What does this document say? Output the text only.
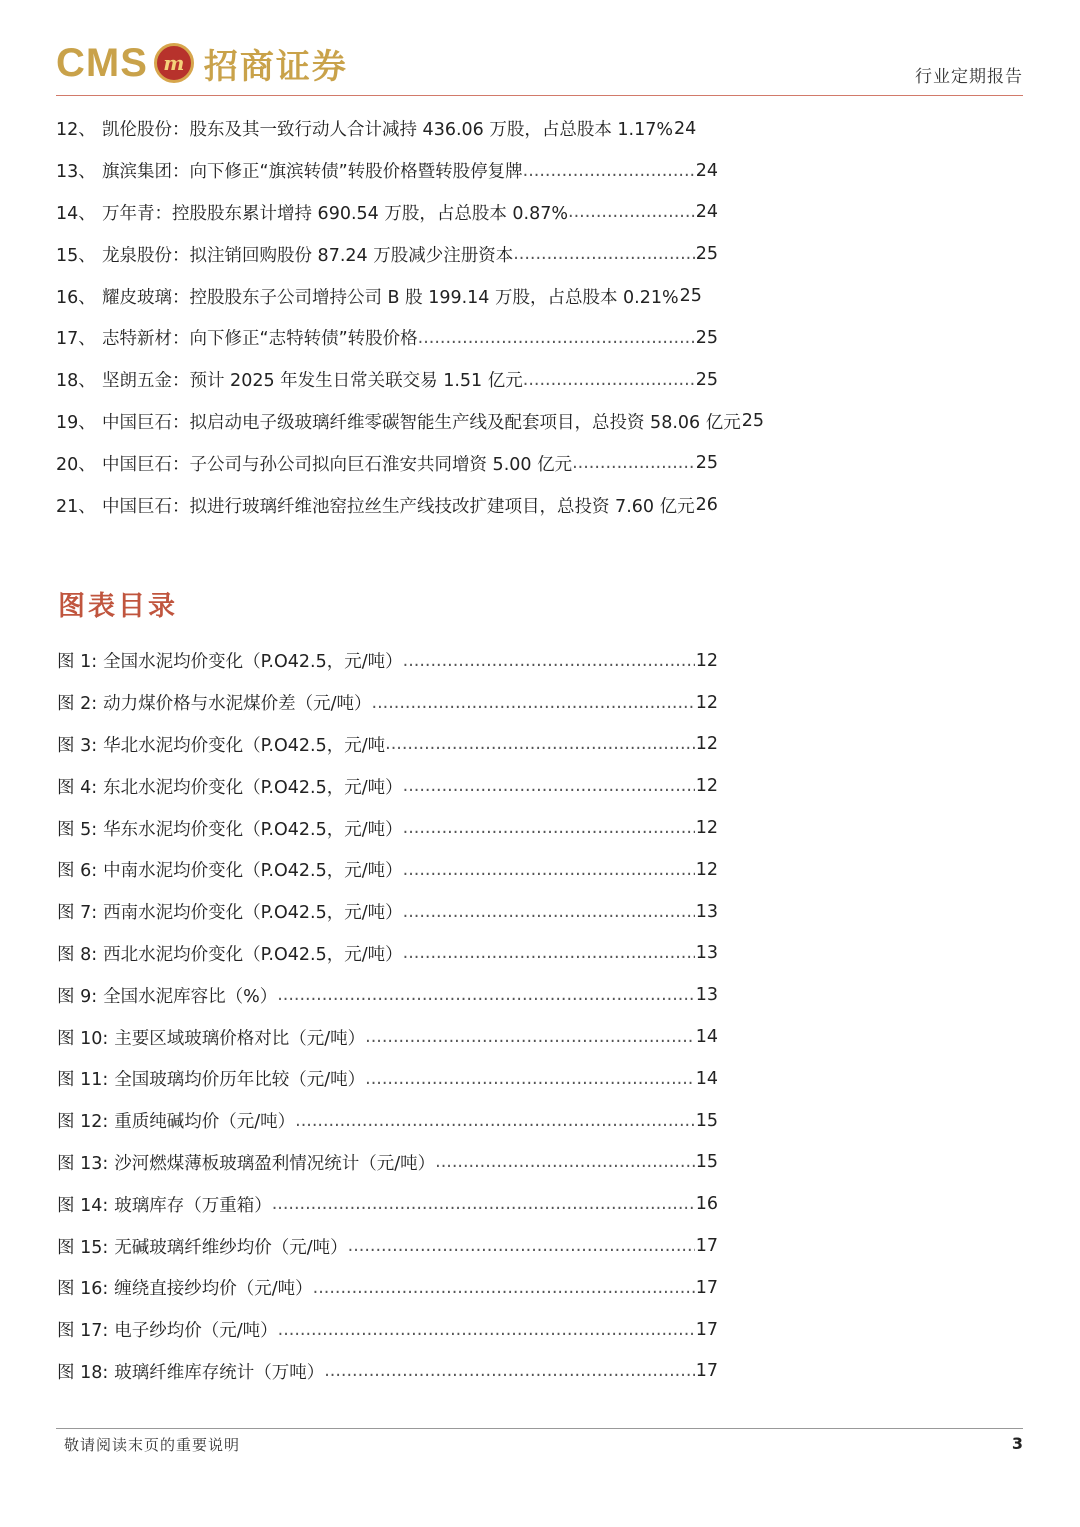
CMS m 招商证券	行业定期报告
12、 凯伦股份：股东及其一致行动人合计减持 436.06 万股，占总股本 1.17% 24
13、 旗滨集团：向下修正“旗滨转债”转股价格暨转股停复牌 .....	24
14、 万年青：控股股东累计增持 690.54 万股，占总股本 0.87% .....	24
15、 龙泉股份：拟注销回购股份 87.24 万股减少注册资本 .....	25
16、 耀皮玻璃：控股股东子公司增持公司 B 股 199.14 万股，占总股本 0.21% 25
17、 志特新材：向下修正“志特转债”转股价格 .....	25
18、 坚朗五金：预计 2025 年发生日常关联交易 1.51 亿元 .....	25
19、 中国巨石：拟启动电子级玻璃纤维零碳智能生产线及配套项目，总投资 58.06 亿元 25
20、 中国巨石：子公司与孙公司拟向巨石淮安共同增资 5.00 亿元 .....	25
21、 中国巨石：拟进行玻璃纤维池窑拉丝生产线技改扩建项目，总投资 7.60 亿元 26
图表目录
图 1: 全国水泥均价变化（P.O42.5，元/吨） .....	12
图 2: 动力煤价格与水泥煤价差（元/吨） .....	12
图 3: 华北水泥均价变化（P.O42.5，元/吨 .....	12
图 4: 东北水泥均价变化（P.O42.5，元/吨） .....	12
图 5: 华东水泥均价变化（P.O42.5，元/吨） .....	12
图 6: 中南水泥均价变化（P.O42.5，元/吨） .....	12
图 7: 西南水泥均价变化（P.O42.5，元/吨） .....	13
图 8: 西北水泥均价变化（P.O42.5，元/吨） .....	13
图 9: 全国水泥库容比（%） .....	13
图 10: 主要区域玻璃价格对比（元/吨） .....	14
图 11: 全国玻璃均价历年比较（元/吨） .....	14
图 12: 重质纯碱均价（元/吨） .....	15
图 13: 沙河燃煤薄板玻璃盈利情况统计（元/吨） .....	15
图 14: 玻璃库存（万重箱） .....	16
图 15: 无碱玻璃纤维纱均价（元/吨） .....	17
图 16: 缠绕直接纱均价（元/吨） .....	17
图 17: 电子纱均价（元/吨） .....	17
图 18: 玻璃纤维库存统计（万吨） .....	17
敬请阅读末页的重要说明	3
